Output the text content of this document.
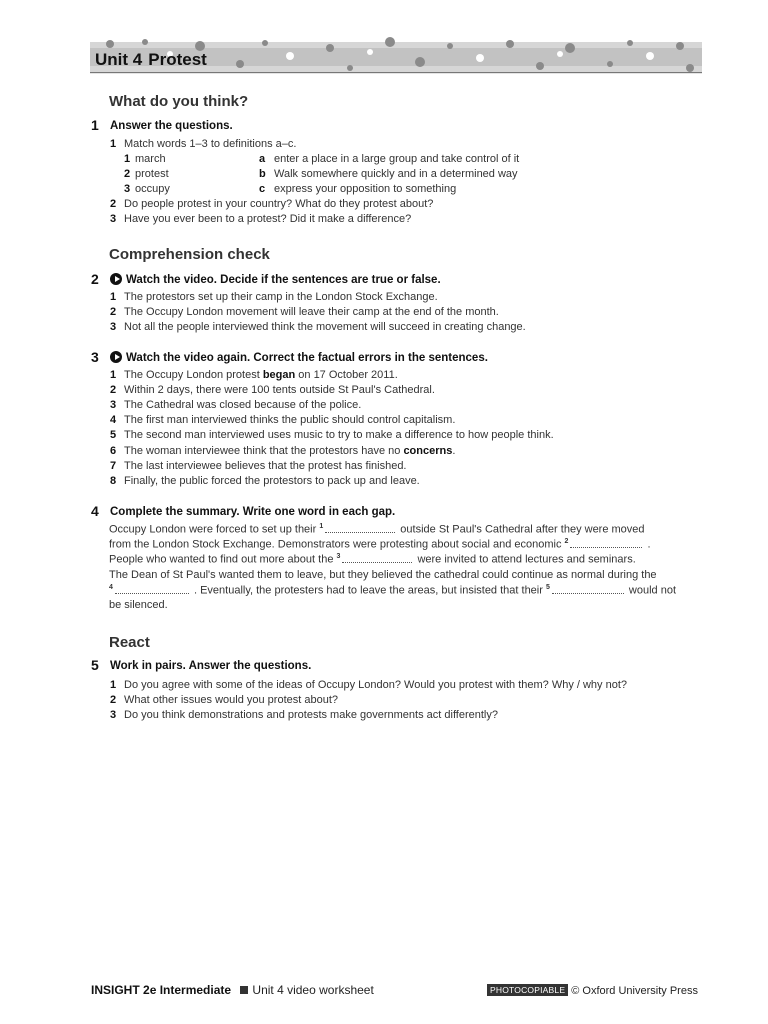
Unit 4 Protest
What do you think?
1 Answer the questions.
1 Match words 1–3 to definitions a–c.
1 march	a enter a place in a large group and take control of it
2 protest	b Walk somewhere quickly and in a determined way
3 occupy	c express your opposition to something
2 Do people protest in your country? What do they protest about?
3 Have you ever been to a protest? Did it make a difference?
Comprehension check
2	Watch the video. Decide if the sentences are true or false.
1 The protestors set up their camp in the London Stock Exchange.
2 The Occupy London movement will leave their camp at the end of the month.
3 Not all the people interviewed think the movement will succeed in creating change.
3	Watch the video again. Correct the factual errors in the sentences.
1 The Occupy London protest began on 17 October 2011.
2 Within 2 days, there were 100 tents outside St Paul's Cathedral.
3 The Cathedral was closed because of the police.
4 The first man interviewed thinks the public should control capitalism.
5 The second man interviewed uses music to try to make a difference to how people think.
6 The woman interviewee think that the protestors have no concerns.
7 The last interviewee believes that the protest has finished.
8 Finally, the public forced the protestors to pack up and leave.
4 Complete the summary. Write one word in each gap.
Occupy London were forced to set up their $^1$	outside St Paul's Cathedral after they were moved
from the London Stock Exchange. Demonstrators were protesting about social and economic $^2$	.
People who wanted to find out more about the $^3$	were invited to attend lectures and seminars.
The Dean of St Paul's wanted them to leave, but they believed the cathedral could continue as normal during the
$^4$	. Eventually, the protesters had to leave the areas, but insisted that their $^5$	would not
be silenced.
React
5 Work in pairs. Answer the questions.
1 Do you agree with some of the ideas of Occupy London? Would you protest with them? Why / why not?
2 What other issues would you protest about?
3 Do you think demonstrations and protests make governments act differently?
INSIGHT 2e Intermediate Unit 4 video worksheet	PHOTOCOPIABLE © Oxford University Press
